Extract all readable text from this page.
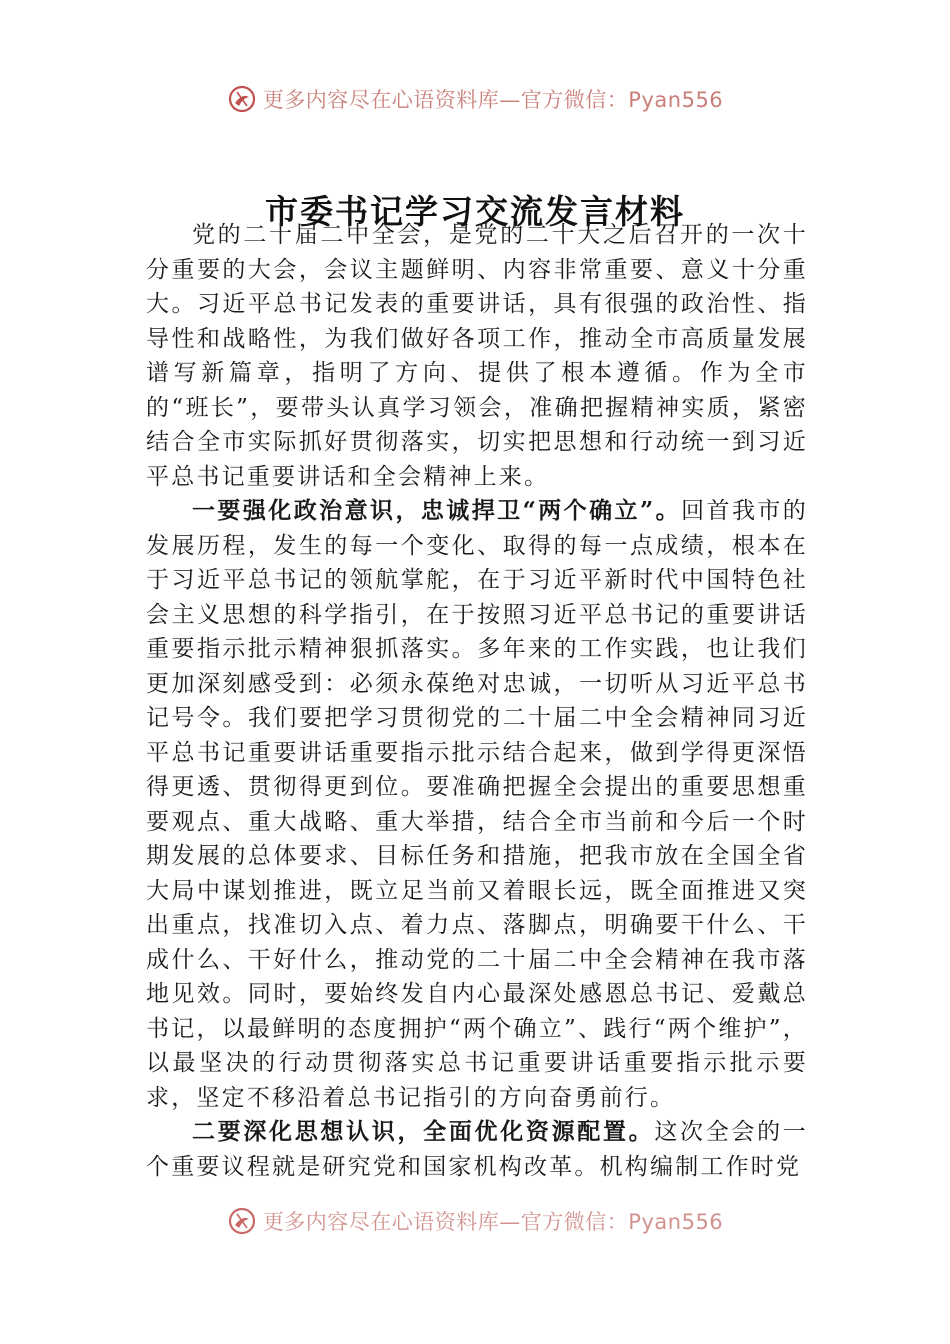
更多内容尽在心语资料库—官方微信：Pyan556
市委书记学习交流发言材料

党的二十届二中全会，是党的二十大之后召开的一次十分重要的大会，会议主题鲜明、内容非常重要、意义十分重大。习近平总书记发表的重要讲话，具有很强的政治性、指导性和战略性，为我们做好各项工作，推动全市高质量发展谱写新篇章，指明了方向、提供了根本遵循。作为全市的“班长”，要带头认真学习领会，准确把握精神实质，紧密结合全市实际抓好贯彻落实，切实把思想和行动统一到习近平总书记重要讲话和全会精神上来。

一要强化政治意识，忠诚捍卫“两个确立”。回首我市的发展历程，发生的每一个变化、取得的每一点成绩，根本在于习近平总书记的领航掌舵，在于习近平新时代中国特色社会主义思想的科学指引，在于按照习近平总书记的重要讲话重要指示批示精神狠抓落实。多年来的工作实践，也让我们更加深刻感受到：必须永葆绝对忠诚，一切听从习近平总书记号令。我们要把学习贯彻党的二十届二中全会精神同习近平总书记重要讲话重要指示批示结合起来，做到学得更深悟得更透、贯彻得更到位。要准确把握全会提出的重要思想重要观点、重大战略、重大举措，结合全市当前和今后一个时期发展的总体要求、目标任务和措施，把我市放在全国全省大局中谋划推进，既立足当前又着眼长远，既全面推进又突出重点，找准切入点、着力点、落脚点，明确要干什么、干成什么、干好什么，推动党的二十届二中全会精神在我市落地见效。同时，要始终发自内心最深处感恩总书记、爱戴总书记，以最鲜明的态度拥护“两个确立”、践行“两个维护”，以最坚决的行动贯彻落实总书记重要讲话重要指示批示要求，坚定不移沿着总书记指引的方向奋勇前行。

二要深化思想认识，全面优化资源配置。这次全会的一个重要议程就是研究党和国家机构改革。机构编制工作时党

更多内容尽在心语资料库—官方微信：Pyan556
